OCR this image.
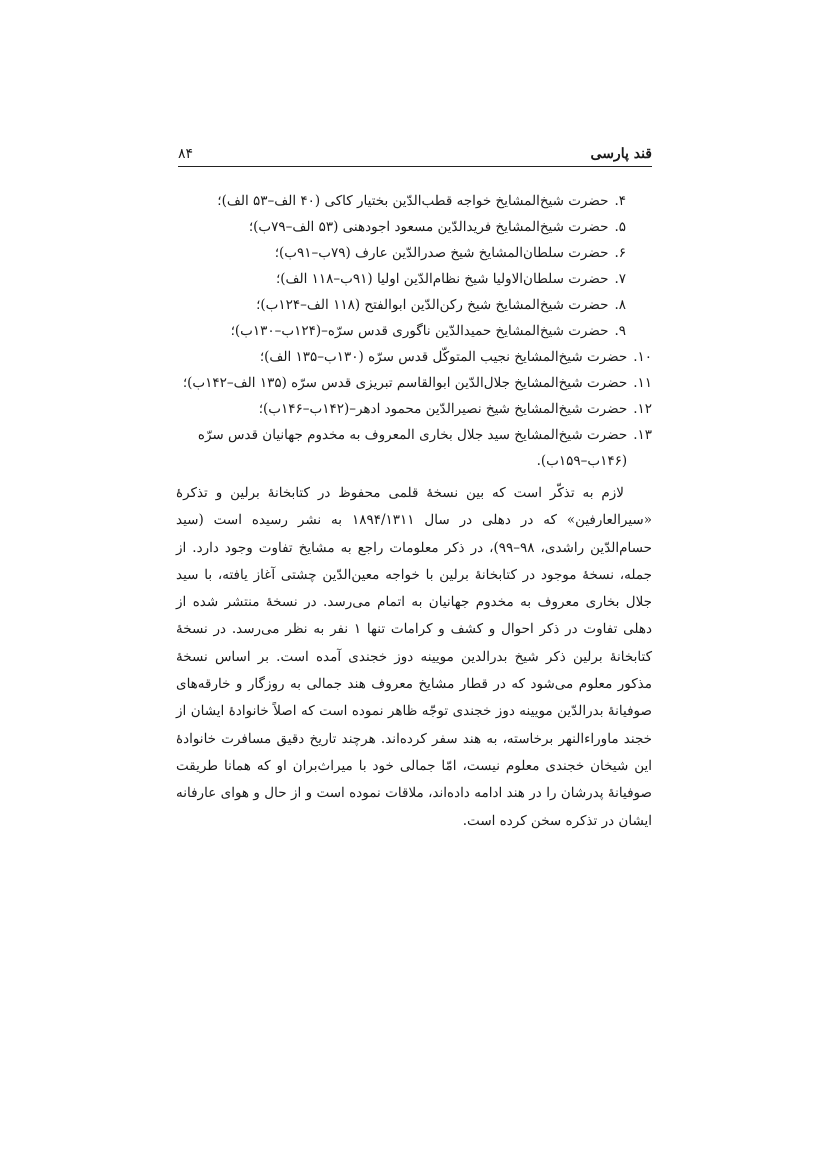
قند پارسی
۸۴
۴.
حضرت شیخ‌المشایخ خواجه قطب‌الدّین بختیار کاکی (۴۰ الف–۵۳ الف)؛
۵.
حضرت شیخ‌المشایخ فریدالدّین مسعود اجودهنی (۵۳ الف–۷۹ب)؛
۶.
حضرت سلطان‌المشایخ شیخ صدرالدّین عارف (۷۹ب–۹۱ب)؛
۷.
حضرت سلطان‌الاولیا شیخ نظام‌الدّین اولیا (۹۱ب–۱۱۸ الف)؛
۸.
حضرت شیخ‌المشایخ شیخ رکن‌الدّین ابوالفتح (۱۱۸ الف–۱۲۴ب)؛
۹.
حضرت شیخ‌المشایخ حمیدالدّین ناگوری قدس سرّه–(۱۲۴ب–۱۳۰ب)؛
۱۰.
حضرت شیخ‌المشایخ نجیب المتوکّل قدس سرّه (۱۳۰ب–۱۳۵ الف)؛
۱۱.
حضرت شیخ‌المشایخ جلال‌الدّین ابوالقاسم تبریزی قدس سرّه (۱۳۵ الف–۱۴۲ب)؛
۱۲.
حضرت شیخ‌المشایخ شیخ نصیرالدّین محمود ادهر–(۱۴۲ب–۱۴۶ب)؛
۱۳.
حضرت شیخ‌المشایخ سید جلال بخاری المعروف به مخدوم جهانیان قدس سرّه (۱۴۶ب–۱۵۹ب).

لازم به تذکّر است که بین نسخهٔ قلمی محفوظ در کتابخانهٔ برلین و تذکرهٔ «سیرالعارفین» که در دهلی در سال ۱۸۹۴/۱۳۱۱ به نشر رسیده است (سید حسام‌الدّین راشدی، ۹۸–۹۹)، در ذکر معلومات راجع به مشایخ تفاوت وجود دارد. از جمله، نسخهٔ موجود در کتابخانهٔ برلین با خواجه معین‌الدّین چشتی آغاز یافته، با سید جلال بخاری معروف به مخدوم جهانیان به اتمام می‌رسد. در نسخهٔ منتشر شده از دهلی تفاوت در ذکر احوال و کشف و کرامات تنها ۱ نفر به نظر می‌رسد. در نسخهٔ کتابخانهٔ برلین ذکر شیخ بدرالدین مویینه دوز خجندی آمده است. بر اساس نسخهٔ مذکور معلوم می‌شود که در قطار مشایخ معروف هند جمالی به روزگار و خارقه‌های صوفیانهٔ بدرالدّین مویینه دوز خجندی توجّه ظاهر نموده است که اصلاً خانوادهٔ ایشان از خجند ماوراءالنهر برخاسته، به هند سفر کرده‌اند. هرچند تاریخ دقیق مسافرت خانوادهٔ این شیخان خجندی معلوم نیست، امّا جمالی خود با میراث‌بران او که همانا طریقت صوفیانهٔ پدرشان را در هند ادامه داده‌اند، ملاقات نموده است و از حال و هوای عارفانه ایشان در تذکره سخن کرده است.
